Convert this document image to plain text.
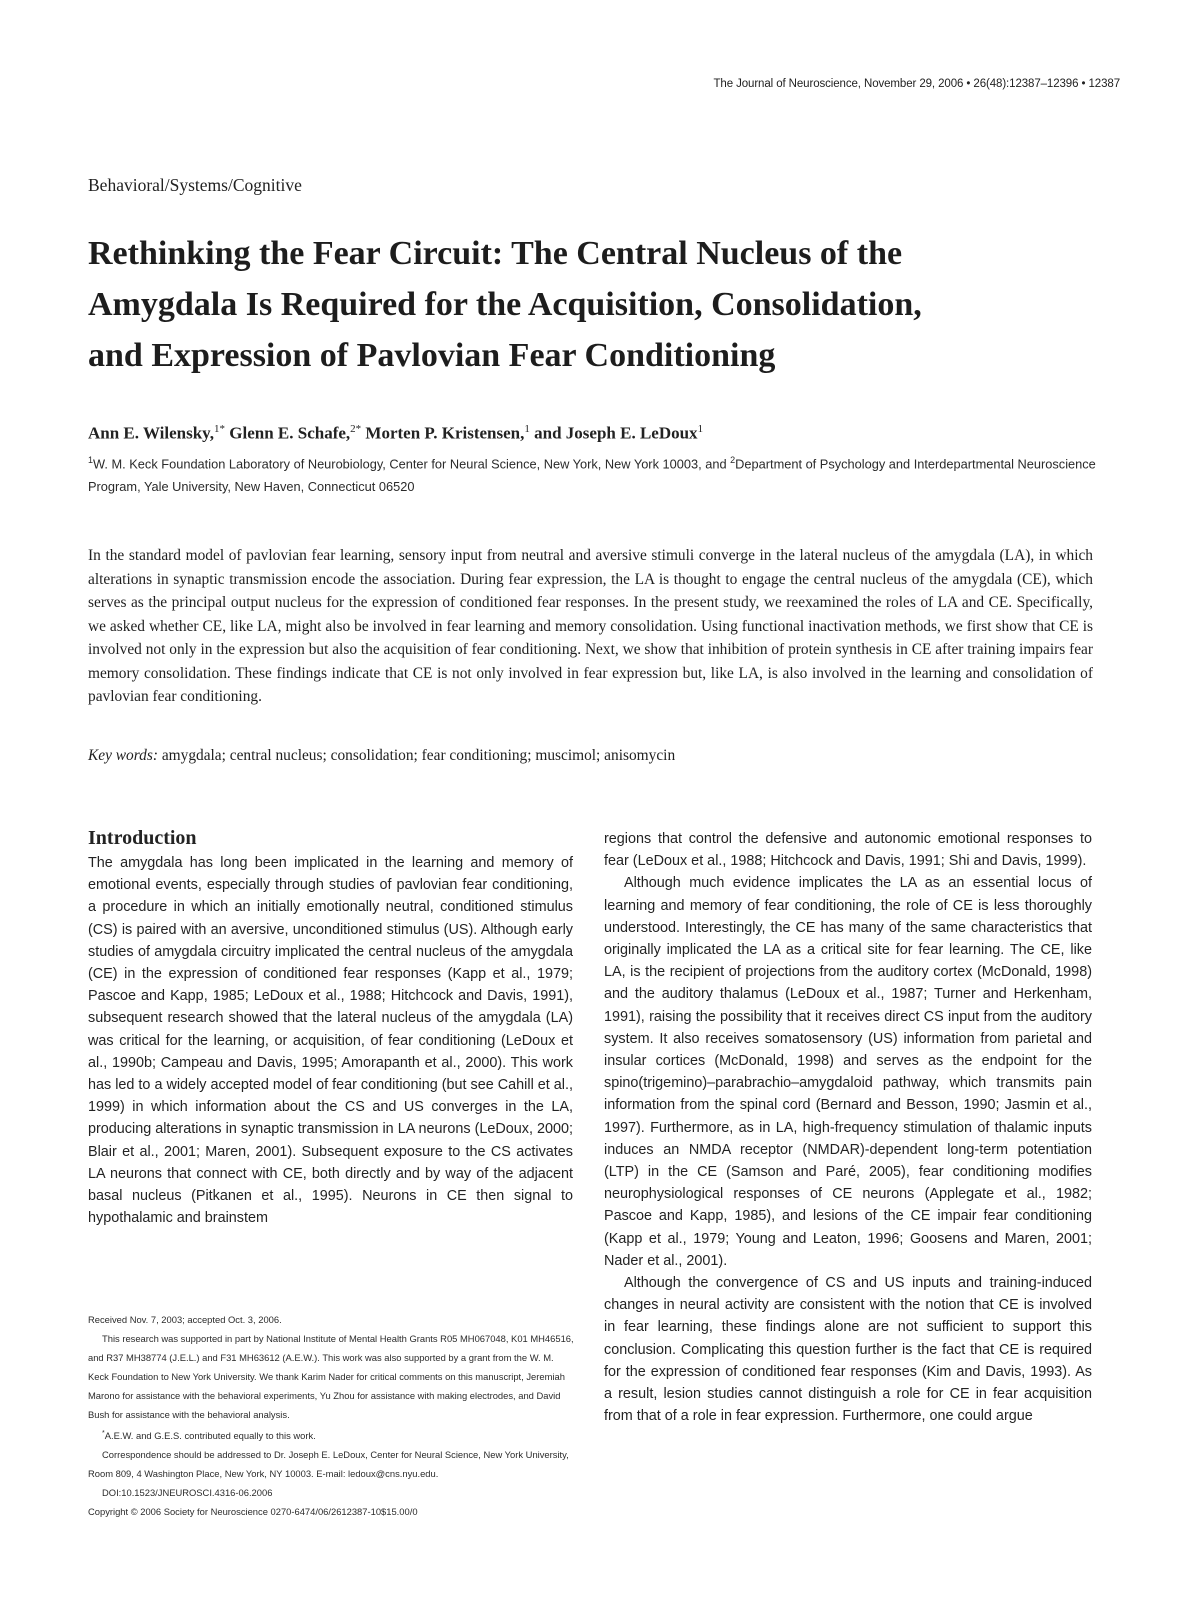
The Journal of Neuroscience, November 29, 2006 • 26(48):12387–12396 • 12387
Behavioral/Systems/Cognitive
Rethinking the Fear Circuit: The Central Nucleus of the
Amygdala Is Required for the Acquisition, Consolidation,
and Expression of Pavlovian Fear Conditioning
Ann E. Wilensky,$^{1*}$ Glenn E. Schafe,$^{2*}$ Morten P. Kristensen,$^1$ and Joseph E. LeDoux$^1$
$^1$W. M. Keck Foundation Laboratory of Neurobiology, Center for Neural Science, New York, New York 10003, and $^2$Department of Psychology and Interdepartmental Neuroscience Program, Yale University, New Haven, Connecticut 06520

In the standard model of pavlovian fear learning, sensory input from neutral and aversive stimuli converge in the lateral nucleus of the amygdala (LA), in which alterations in synaptic transmission encode the association. During fear expression, the LA is thought to engage the central nucleus of the amygdala (CE), which serves as the principal output nucleus for the expression of conditioned fear responses. In the present study, we reexamined the roles of LA and CE. Specifically, we asked whether CE, like LA, might also be involved in fear learning and memory consolidation. Using functional inactivation methods, we first show that CE is involved not only in the expression but also the acquisition of fear conditioning. Next, we show that inhibition of protein synthesis in CE after training impairs fear memory consolidation. These findings indicate that CE is not only involved in fear expression but, like LA, is also involved in the learning and consolidation of pavlovian fear conditioning.

Key words: amygdala; central nucleus; consolidation; fear conditioning; muscimol; anisomycin
Introduction

The amygdala has long been implicated in the learning and memory of emotional events, especially through studies of pavlovian fear conditioning, a procedure in which an initially emotionally neutral, conditioned stimulus (CS) is paired with an aversive, unconditioned stimulus (US). Although early studies of amygdala circuitry implicated the central nucleus of the amygdala (CE) in the expression of conditioned fear responses (Kapp et al., 1979; Pascoe and Kapp, 1985; LeDoux et al., 1988; Hitchcock and Davis, 1991), subsequent research showed that the lateral nucleus of the amygdala (LA) was critical for the learning, or acquisition, of fear conditioning (LeDoux et al., 1990b; Campeau and Davis, 1995; Amorapanth et al., 2000). This work has led to a widely accepted model of fear conditioning (but see Cahill et al., 1999) in which information about the CS and US converges in the LA, producing alterations in synaptic transmission in LA neurons (LeDoux, 2000; Blair et al., 2001; Maren, 2001). Subsequent exposure to the CS activates LA neurons that connect with CE, both directly and by way of the adjacent basal nucleus (Pitkanen et al., 1995). Neurons in CE then signal to hypothalamic and brainstem

Received Nov. 7, 2003; accepted Oct. 3, 2006.

This research was supported in part by National Institute of Mental Health Grants R05 MH067048, K01 MH46516, and R37 MH38774 (J.E.L.) and F31 MH63612 (A.E.W.). This work was also supported by a grant from the W. M. Keck Foundation to New York University. We thank Karim Nader for critical comments on this manuscript, Jeremiah Marono for assistance with the behavioral experiments, Yu Zhou for assistance with making electrodes, and David Bush for assistance with the behavioral analysis.

*A.E.W. and G.E.S. contributed equally to this work.

Correspondence should be addressed to Dr. Joseph E. LeDoux, Center for Neural Science, New York University, Room 809, 4 Washington Place, New York, NY 10003. E-mail: ledoux@cns.nyu.edu.

DOI:10.1523/JNEUROSCI.4316-06.2006

Copyright © 2006 Society for Neuroscience 0270-6474/06/2612387-10$15.00/0

regions that control the defensive and autonomic emotional responses to fear (LeDoux et al., 1988; Hitchcock and Davis, 1991; Shi and Davis, 1999).

Although much evidence implicates the LA as an essential locus of learning and memory of fear conditioning, the role of CE is less thoroughly understood. Interestingly, the CE has many of the same characteristics that originally implicated the LA as a critical site for fear learning. The CE, like LA, is the recipient of projections from the auditory cortex (McDonald, 1998) and the auditory thalamus (LeDoux et al., 1987; Turner and Herkenham, 1991), raising the possibility that it receives direct CS input from the auditory system. It also receives somatosensory (US) information from parietal and insular cortices (McDonald, 1998) and serves as the endpoint for the spino(trigemino)–parabrachio–amygdaloid pathway, which transmits pain information from the spinal cord (Bernard and Besson, 1990; Jasmin et al., 1997). Furthermore, as in LA, high-frequency stimulation of thalamic inputs induces an NMDA receptor (NMDAR)-dependent long-term potentiation (LTP) in the CE (Samson and Paré, 2005), fear conditioning modifies neurophysiological responses of CE neurons (Applegate et al., 1982; Pascoe and Kapp, 1985), and lesions of the CE impair fear conditioning (Kapp et al., 1979; Young and Leaton, 1996; Goosens and Maren, 2001; Nader et al., 2001).

Although the convergence of CS and US inputs and training-induced changes in neural activity are consistent with the notion that CE is involved in fear learning, these findings alone are not sufficient to support this conclusion. Complicating this question further is the fact that CE is required for the expression of conditioned fear responses (Kim and Davis, 1993). As a result, lesion studies cannot distinguish a role for CE in fear acquisition from that of a role in fear expression. Furthermore, one could argue
